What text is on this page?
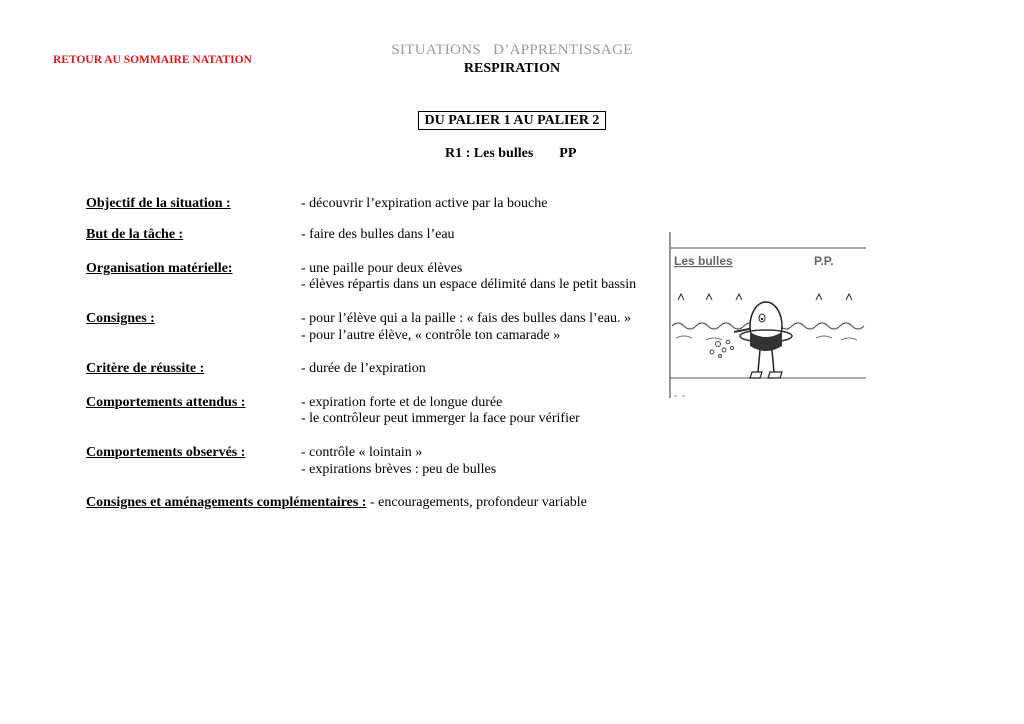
RETOUR AU SOMMAIRE NATATION
SITUATIONS   D’APPRENTISSAGE
RESPIRATION
DU PALIER 1 AU PALIER 2
R1 : Les bulles PP
Objectif de la situation :	- découvrir l’expiration active par la bouche
But de la tâche :	- faire des bulles dans l’eau
Organisation matérielle:	- une paille pour deux élèves
- élèves répartis dans un espace délimité dans le petit bassin
Consignes :	- pour l’élève qui a la paille : « fais des bulles dans l’eau. »
- pour l’autre élève, « contrôle ton camarade »
Critère de réussite :	- durée de l’expiration
Comportements attendus :	- expiration forte et de longue durée
- le contrôleur peut immerger la face pour vérifier
Comportements observés :	- contrôle « lointain »
- expirations brèves : peu de bulles
Consignes et aménagements complémentaires : - encouragements, profondeur variable
Les bulles	P.P.
